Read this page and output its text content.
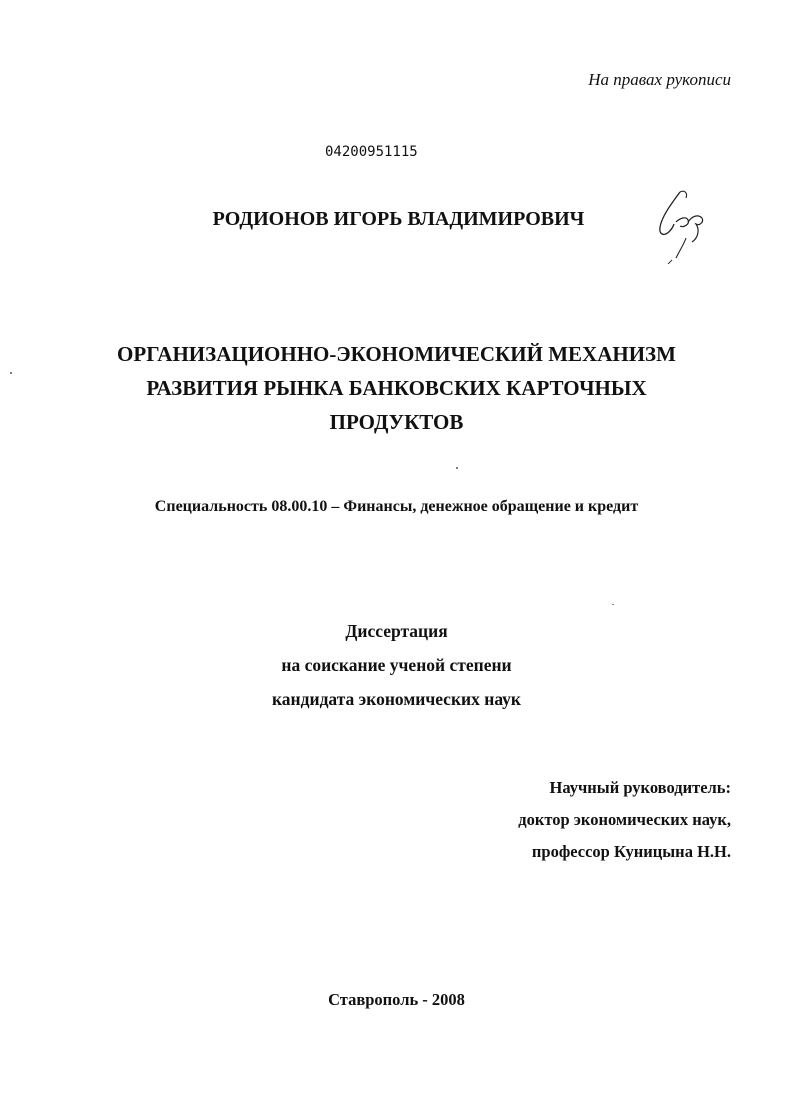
На правах рукописи
04200951115
РОДИОНОВ ИГОРЬ ВЛАДИМИРОВИЧ
ОРГАНИЗАЦИОННО-ЭКОНОМИЧЕСКИЙ МЕХАНИЗМ
РАЗВИТИЯ РЫНКА БАНКОВСКИХ КАРТОЧНЫХ
ПРОДУКТОВ
Специальность 08.00.10 – Финансы, денежное обращение и кредит
Диссертация
на соискание ученой степени
кандидата экономических наук
Научный руководитель:
доктор экономических наук,
профессор Куницына Н.Н.
Ставрополь - 2008
